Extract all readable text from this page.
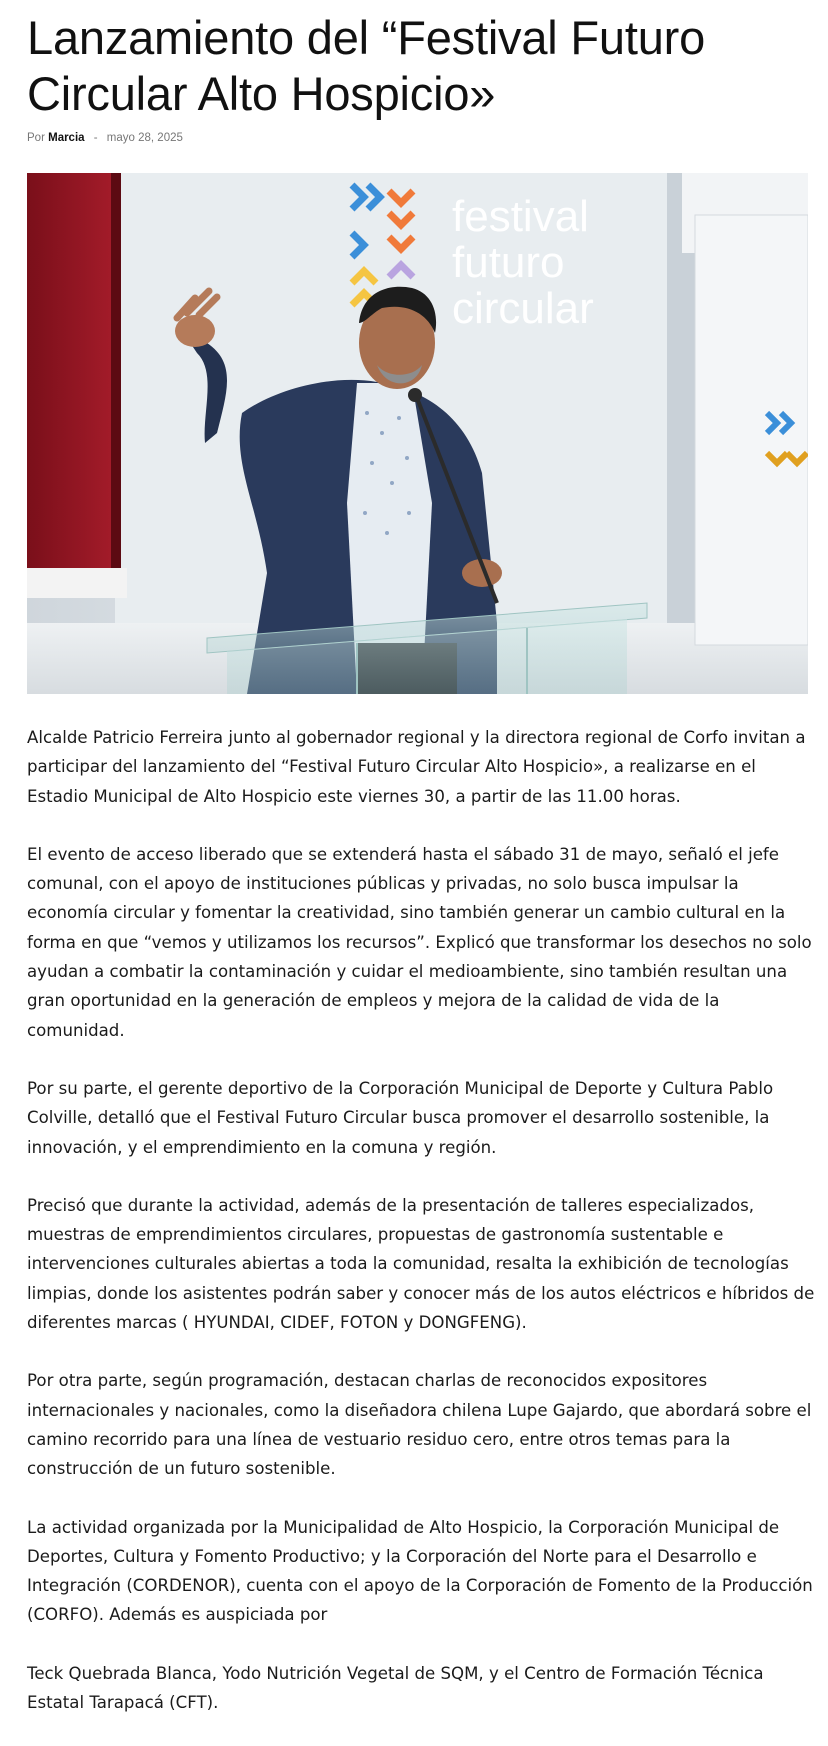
Lanzamiento del “Festival Futuro Circular Alto Hospicio»
Por Marcia - mayo 28, 2025
festival
futuro
circular

Alcalde Patricio Ferreira junto al gobernador regional y la directora regional de Corfo invitan a participar del lanzamiento del “Festival Futuro Circular Alto Hospicio», a realizarse en el Estadio Municipal de Alto Hospicio este viernes 30, a partir de las 11.00 horas.

El evento de acceso liberado que se extenderá hasta el sábado 31 de mayo, señaló el jefe comunal, con el apoyo de instituciones públicas y privadas, no solo busca impulsar la economía circular y fomentar la creatividad, sino también generar un cambio cultural en la forma en que “vemos y utilizamos los recursos”. Explicó que transformar los desechos no solo ayudan a combatir la contaminación y cuidar el medioambiente, sino también resultan una gran oportunidad en la generación de empleos y mejora de la calidad de vida de la comunidad.

Por su parte, el gerente deportivo de la Corporación Municipal de Deporte y Cultura Pablo Colville, detalló que el Festival Futuro Circular busca promover el desarrollo sostenible, la innovación, y el emprendimiento en la comuna y región.

Precisó que durante la actividad, además de la presentación de talleres especializados, muestras de emprendimientos circulares, propuestas de gastronomía sustentable e intervenciones culturales abiertas a toda la comunidad, resalta la exhibición de tecnologías limpias, donde los asistentes podrán saber y conocer más de los autos eléctricos e híbridos de diferentes marcas ( HYUNDAI, CIDEF, FOTON y DONGFENG).

Por otra parte, según programación, destacan charlas de reconocidos expositores internacionales y nacionales, como la diseñadora chilena Lupe Gajardo, que abordará sobre el camino recorrido para una línea de vestuario residuo cero, entre otros temas para la construcción de un futuro sostenible.

La actividad organizada por la Municipalidad de Alto Hospicio, la Corporación Municipal de Deportes, Cultura y Fomento Productivo; y la Corporación del Norte para el Desarrollo e Integración (CORDENOR), cuenta con el apoyo de la Corporación de Fomento de la Producción (CORFO). Además es auspiciada por

Teck Quebrada Blanca, Yodo Nutrición Vegetal de SQM, y el Centro de Formación Técnica Estatal Tarapacá (CFT).
